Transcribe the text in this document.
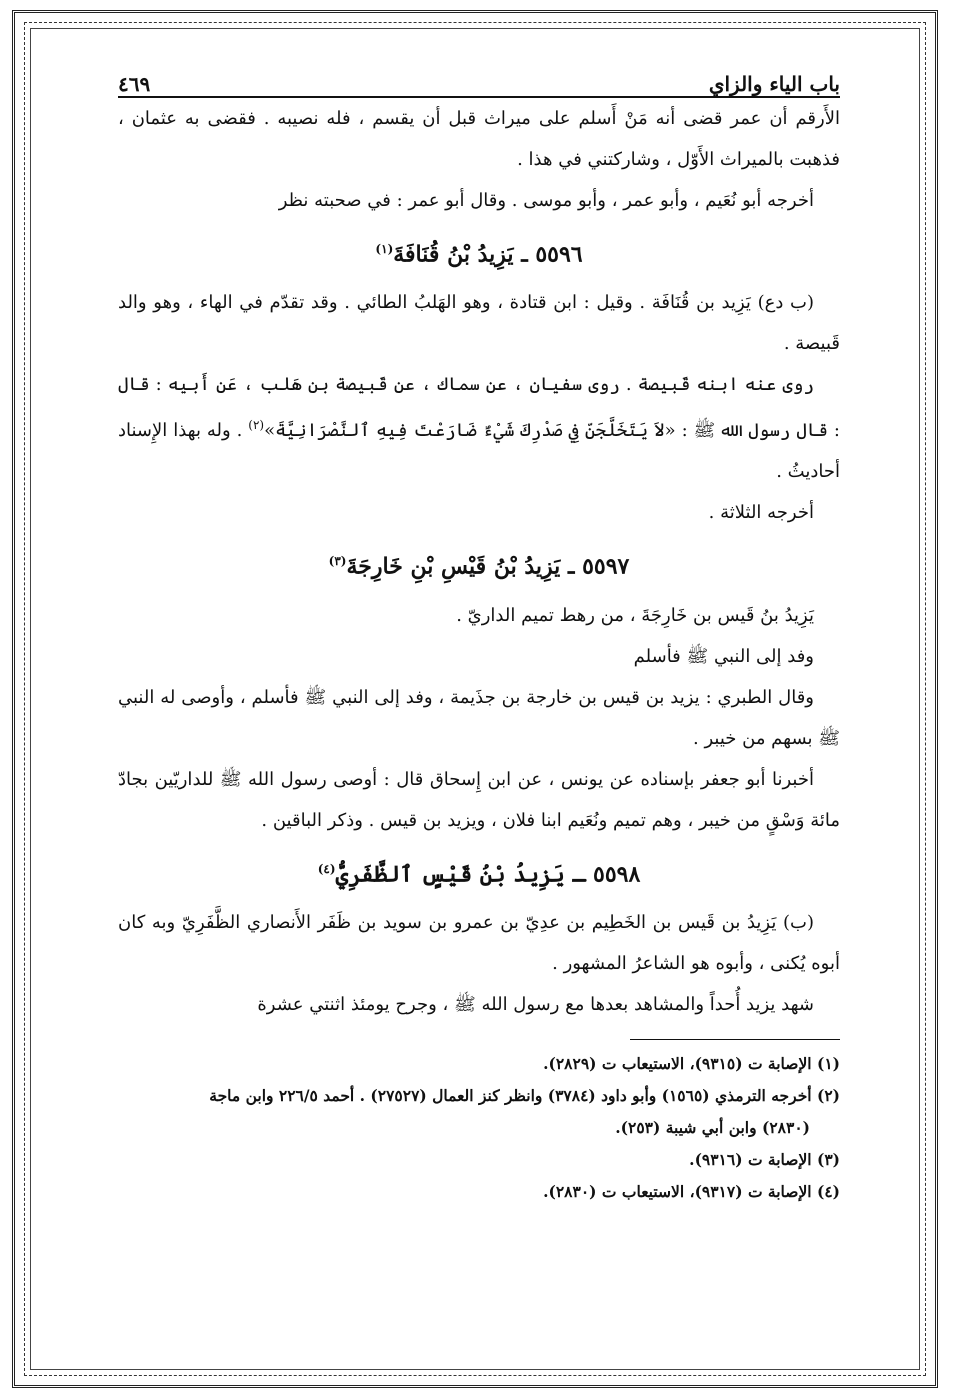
باب الياء والزاي
٤٦٩

الأَرقم أن عمر قضى أنه مَنْ أَسلم على ميراث قبل أن يقسم ، فله نصيبه . فقضى به عثمان ، فذهبت بالميراث الأَوّل ، وشاركتني في هذا .

أخرجه أبو نُعَيم ، وأبو عمر ، وأبو موسى . وقال أبو عمر : في صحبته نظر

٥٥٩٦ ـ يَزِيدُ بْنُ قُنَافَةَ$^{(١)}$

(ب دع) يَزِيد بن قُنَافَة . وقيل : ابن قتادة ، وهو الهَلبُ الطائي . وقد تقدّم في الهاء ، وهو والد قَبيصة .

روى عنه ابنه قَبيصة . روى سفيان ، عن سماك ، عن قَبيصة بن هَلب ، عَن أَبيه : قال : قال رسول الله ﷺ : «لاَ يَتَخَلَّجَنّ فِي صَدْرِكَ شَيْءٌ ضَارَعْتَ فِيهِ ٱلنَّصْرَانِيَّةَ»$^{(٢)}$ . وله بهذا الإِسناد أحاديثُ .

أخرجه الثلاثة .

٥٥٩٧ ـ يَزِيدُ بْنُ قَيْسِ بْنِ خَارِجَةَ$^{(٣)}$

يَزِيدُ بنُ قَيس بن خَارِجَةَ ، من رهط تميم الداريّ .

وفد إلى النبي ﷺ فأسلم

وقال الطبري : يزيد بن قيس بن خارجة بن جذَيمة ، وفد إلى النبي ﷺ فأسلم ، وأوصى له النبي ﷺ بسهم من خيبر .

أخبرنا أبو جعفر بإسناده عن يونس ، عن ابن إِسحاق قال : أوصى رسول الله ﷺ للداريّين بجادّ مائة وَسْقٍ من خيبر ، وهم تميم ونُعَيم ابنا فلان ، ويزيد بن قيس . وذكر الباقين .

٥٥٩٨ ـ يَزِيدُ بْنُ قَيْسٍ ٱلظَّفَرِيُّ$^{(٤)}$

(ب) يَزِيدُ بن قَيس بن الخَطِيم بن عدِيّ بن عمرو بن سويد بن ظَفَر الأَنصاري الظَّفَرِيّ وبه كان أبوه يُكنى ، وأبوه هو الشاعرُ المشهور .

شهد يزيد أُحداً والمشاهد بعدها مع رسول الله ﷺ ، وجرح يومئذ اثنتي عشرة

(١) الإصابة ت (٩٣١٥)، الاستيعاب ت (٢٨٢٩).

(٢) أخرجه الترمذي (١٥٦٥) وأبو داود (٣٧٨٤) وانظر كنز العمال (٢٧٥٢٧) . أحمد ٢٢٦/٥ وابن ماجة

(٢٨٣٠) وابن أبي شيبة (٢٥٣).

(٣) الإصابة ت (٩٣١٦).

(٤) الإصابة ت (٩٣١٧)، الاستيعاب ت (٢٨٣٠).
